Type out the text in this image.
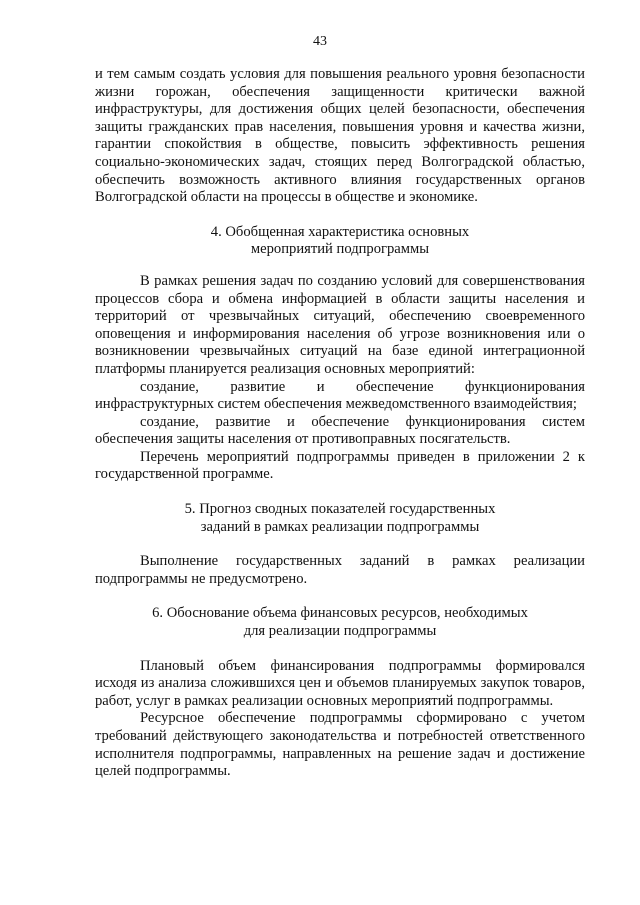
43

и тем самым создать условия для повышения реального уровня безопасности жизни горожан, обеспечения защищенности критически важной инфраструктуры, для достижения общих целей безопасности, обеспечения защиты гражданских прав населения, повышения уровня и качества жизни, гарантии спокойствия в обществе, повысить эффективность решения социально-экономических задач, стоящих перед Волгоградской областью, обеспечить возможность активного влияния государственных органов Волгоградской области на процессы в обществе и экономике.

4. Обобщенная характеристика основных
мероприятий подпрограммы

В рамках решения задач по созданию условий для совершенствования процессов сбора и обмена информацией в области защиты населения и территорий от чрезвычайных ситуаций, обеспечению своевременного оповещения и информирования населения об угрозе возникновения или о возникновении чрезвычайных ситуаций на базе единой интеграционной платформы планируется реализация основных мероприятий:

создание, развитие и обеспечение функционирования инфраструктурных систем обеспечения межведомственного взаимодействия;

создание, развитие и обеспечение функционирования систем обеспечения защиты населения от противоправных посягательств.

Перечень мероприятий подпрограммы приведен в приложении 2 к государственной программе.

5. Прогноз сводных показателей государственных
заданий в рамках реализации подпрограммы

Выполнение государственных заданий в рамках реализации подпрограммы не предусмотрено.

6. Обоснование объема финансовых ресурсов, необходимых
для реализации подпрограммы

Плановый объем финансирования подпрограммы формировался исходя из анализа сложившихся цен и объемов планируемых закупок товаров, работ, услуг в рамках реализации основных мероприятий подпрограммы.

Ресурсное обеспечение подпрограммы сформировано с учетом требований действующего законодательства и потребностей ответственного исполнителя подпрограммы, направленных на решение задач и достижение целей подпрограммы.
